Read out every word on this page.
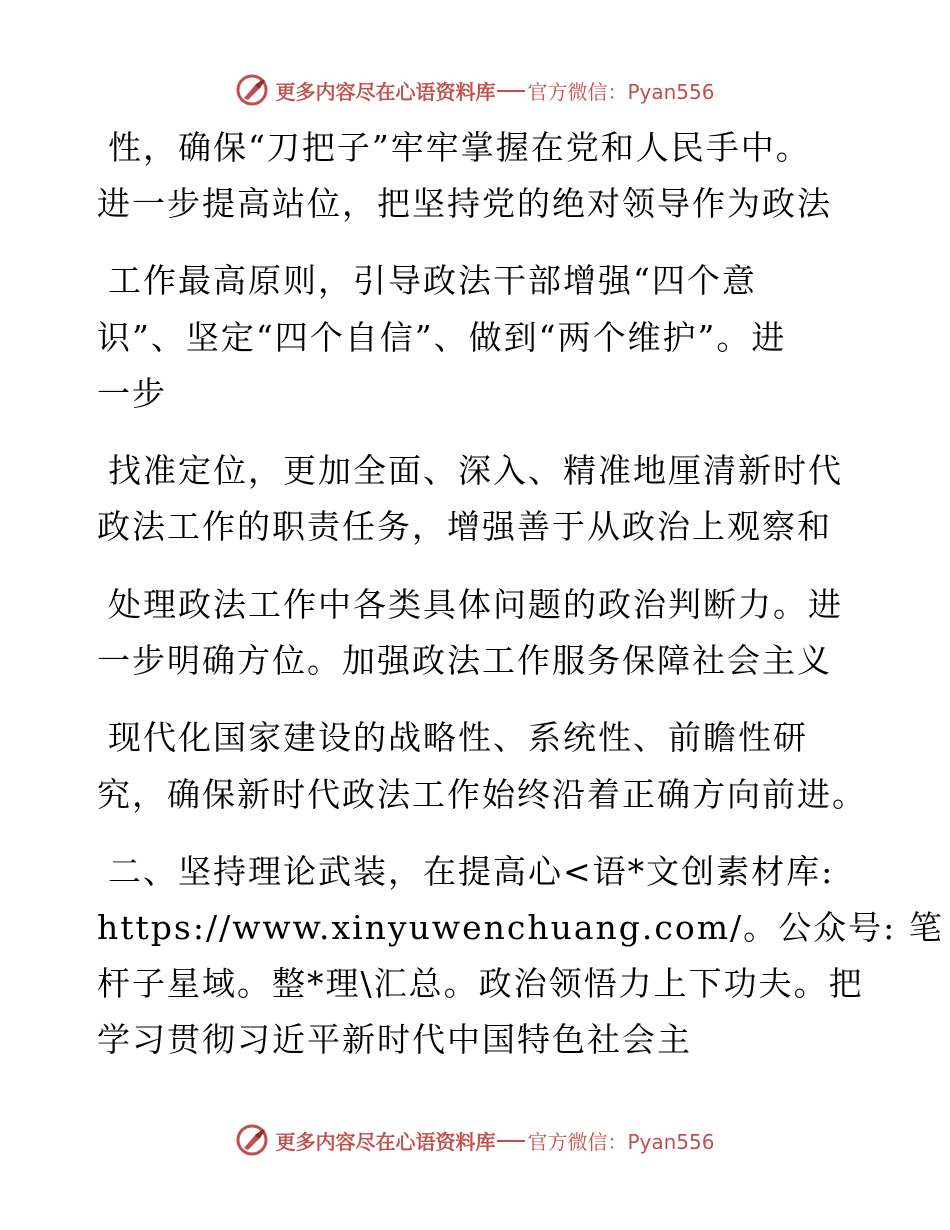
更多内容尽在心语资料库 官方微信：Pyan556
性，确保“刀把子”牢牢掌握在党和人民手中。
进一步提高站位，把坚持党的绝对领导作为政法
工作最高原则，引导政法干部增强“四个意
识”、坚定“四个自信”、做到“两个维护”。进
一步
找准定位，更加全面、深入、精准地厘清新时代
政法工作的职责任务，增强善于从政治上观察和
处理政法工作中各类具体问题的政治判断力。进
一步明确方位。加强政法工作服务保障社会主义
现代化国家建设的战略性、系统性、前瞻性研
究，确保新时代政法工作始终沿着正确方向前进。
二、坚持理论武装，在提高心<语*文创素材库:
https://www.xinyuwenchuang.com/。公众号: 笔
杆子星域。整*理\汇总。政治领悟力上下功夫。把
学习贯彻习近平新时代中国特色社会主
更多内容尽在心语资料库 官方微信：Pyan556
